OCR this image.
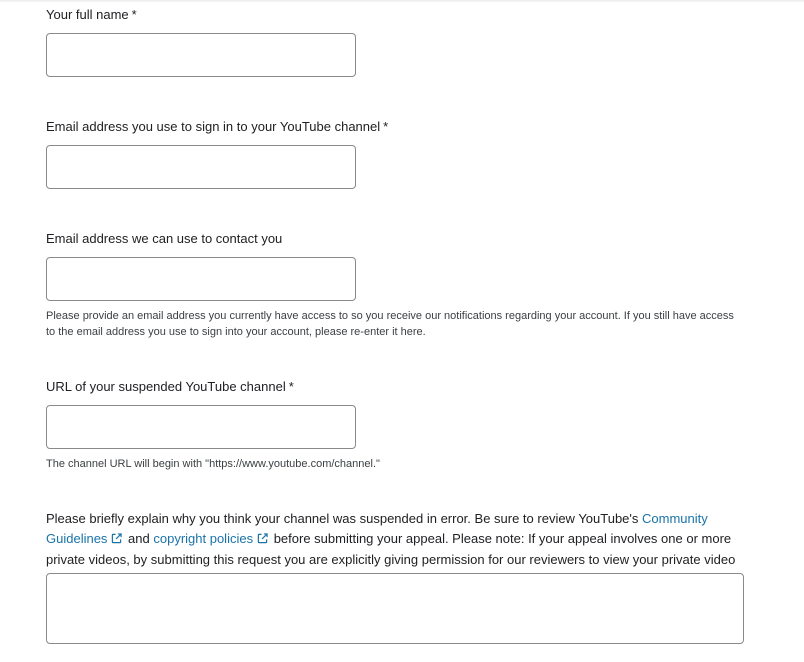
Your full name *
Email address you use to sign in to your YouTube channel *
Email address we can use to contact you
Please provide an email address you currently have access to so you receive our notifications regarding your account. If you still have access to the email address you use to sign into your account, please re-enter it here.
URL of your suspended YouTube channel *
The channel URL will begin with "https://www.youtube.com/channel."
Please briefly explain why you think your channel was suspended in error. Be sure to review YouTube's Community Guidelines and copyright policies before submitting your appeal. Please note: If your appeal involves one or more private videos, by submitting this request you are explicitly giving permission for our reviewers to view your private video
